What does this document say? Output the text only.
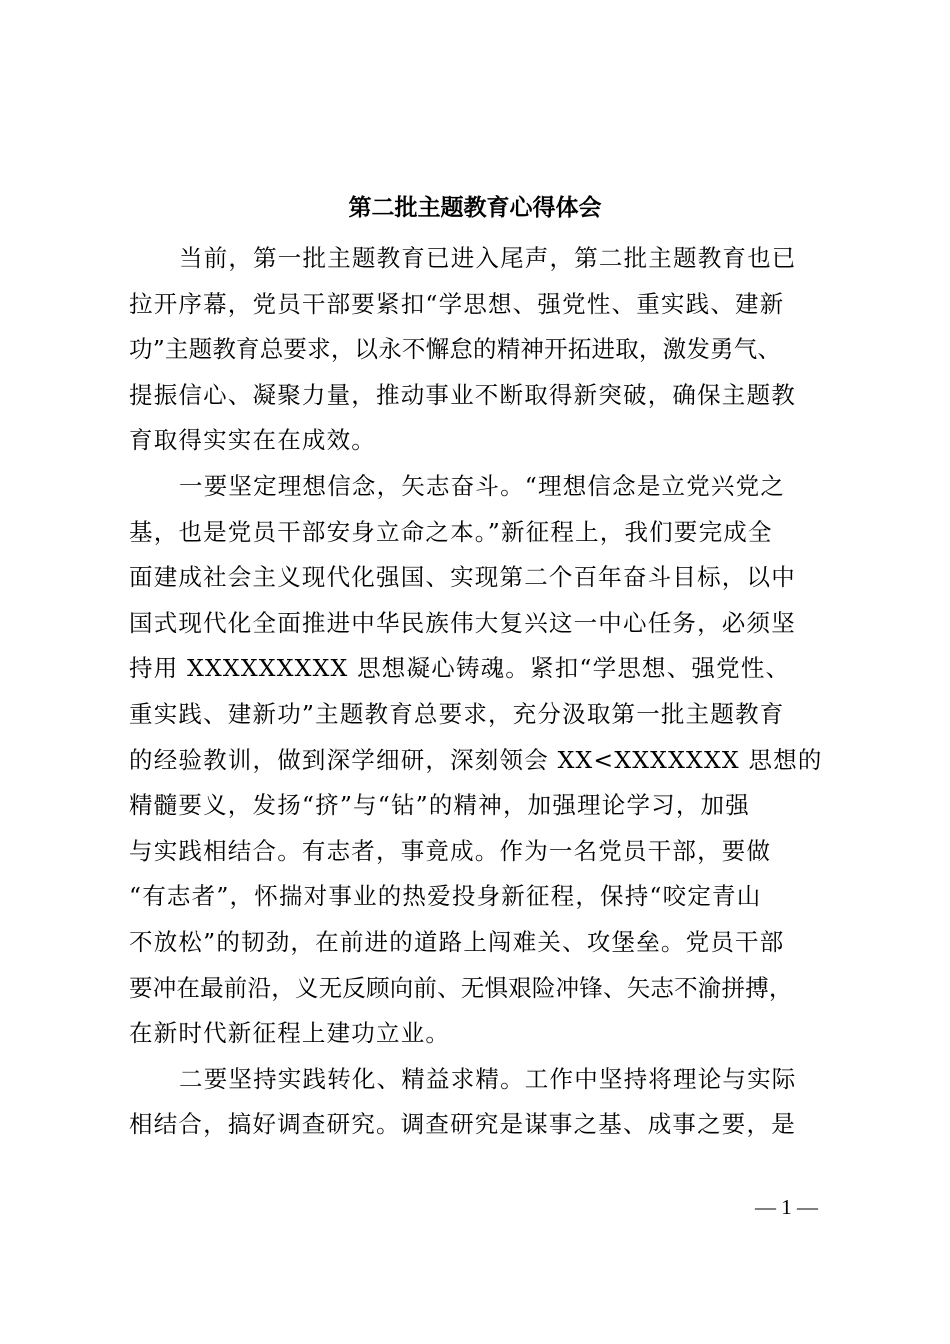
第二批主题教育心得体会
当前，第一批主题教育已进入尾声，第二批主题教育也已
拉开序幕，党员干部要紧扣“学思想、强党性、重实践、建新
功”主题教育总要求，以永不懈怠的精神开拓进取，激发勇气、
提振信心、凝聚力量，推动事业不断取得新突破，确保主题教
育取得实实在在成效。
一要坚定理想信念，矢志奋斗。“理想信念是立党兴党之
基，也是党员干部安身立命之本。”新征程上，我们要完成全
面建成社会主义现代化强国、实现第二个百年奋斗目标，以中
国式现代化全面推进中华民族伟大复兴这一中心任务，必须坚
持用 XXXXXXXXX 思想凝心铸魂。紧扣“学思想、强党性、
重实践、建新功”主题教育总要求，充分汲取第一批主题教育
的经验教训，做到深学细研，深刻领会 XX<XXXXXXX 思想的
精髓要义，发扬“挤”与“钻”的精神，加强理论学习，加强
与实践相结合。有志者，事竟成。作为一名党员干部，要做
“有志者”，怀揣对事业的热爱投身新征程，保持“咬定青山
不放松”的韧劲，在前进的道路上闯难关、攻堡垒。党员干部
要冲在最前沿，义无反顾向前、无惧艰险冲锋、矢志不渝拼搏，
在新时代新征程上建功立业。
二要坚持实践转化、精益求精。工作中坚持将理论与实际
相结合，搞好调查研究。调查研究是谋事之基、成事之要，是
— 1 —
